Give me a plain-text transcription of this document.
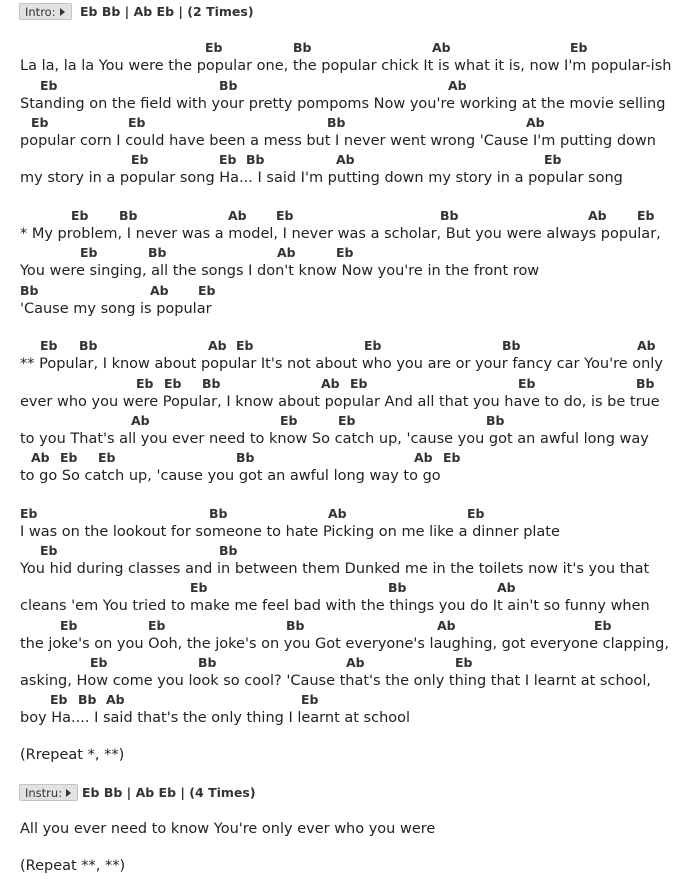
Intro:	Eb Bb | Ab Eb | (2 Times)
Eb	Bb	Ab	Eb
La la, la la You were the popular one, the popular chick It is what it is, now I'm popular-ish
Eb	Bb	Ab
Standing on the field with your pretty pompoms Now you're working at the movie selling
Eb	Eb	Bb	Ab
popular corn I could have been a mess but I never went wrong 'Cause I'm putting down
Eb	Eb Bb	Ab	Eb
my story in a popular song Ha... I said I'm putting down my story in a popular song
Eb Bb	Ab Eb	Bb	Ab Eb
* My problem, I never was a model, I never was a scholar, But you were always popular,
Eb	Bb	Ab	Eb
You were singing, all the songs I don't know Now you're in the front row
Bb	Ab Eb
'Cause my song is popular
Eb Bb	Ab Eb	Eb	Bb	Ab
** Popular, I know about popular It's not about who you are or your fancy car You're only
Eb Eb Bb	Ab Eb	Eb	Bb
ever who you were Popular, I know about popular And all that you have to do, is be true
Ab	Eb	Eb	Bb
to you That's all you ever need to know So catch up, 'cause you got an awful long way
Ab Eb Eb	Bb	Ab Eb
to go So catch up, 'cause you got an awful long way to go
Eb	Bb	Ab	Eb
I was on the lookout for someone to hate Picking on me like a dinner plate
Eb	Bb
You hid during classes and in between them Dunked me in the toilets now it's you that
Eb	Bb	Ab
cleans 'em You tried to make me feel bad with the things you do It ain't so funny when
Eb	Eb	Bb	Ab	Eb
the joke's on you Ooh, the joke's on you Got everyone's laughing, got everyone clapping,
Eb	Bb	Ab	Eb
asking, How come you look so cool? 'Cause that's the only thing that I learnt at school,
Eb Bb Ab	Eb
boy Ha.... I said that's the only thing I learnt at school
(Rrepeat *, **)
Instru:	Eb Bb | Ab Eb | (4 Times)
All you ever need to know You're only ever who you were
(Repeat **, **)
